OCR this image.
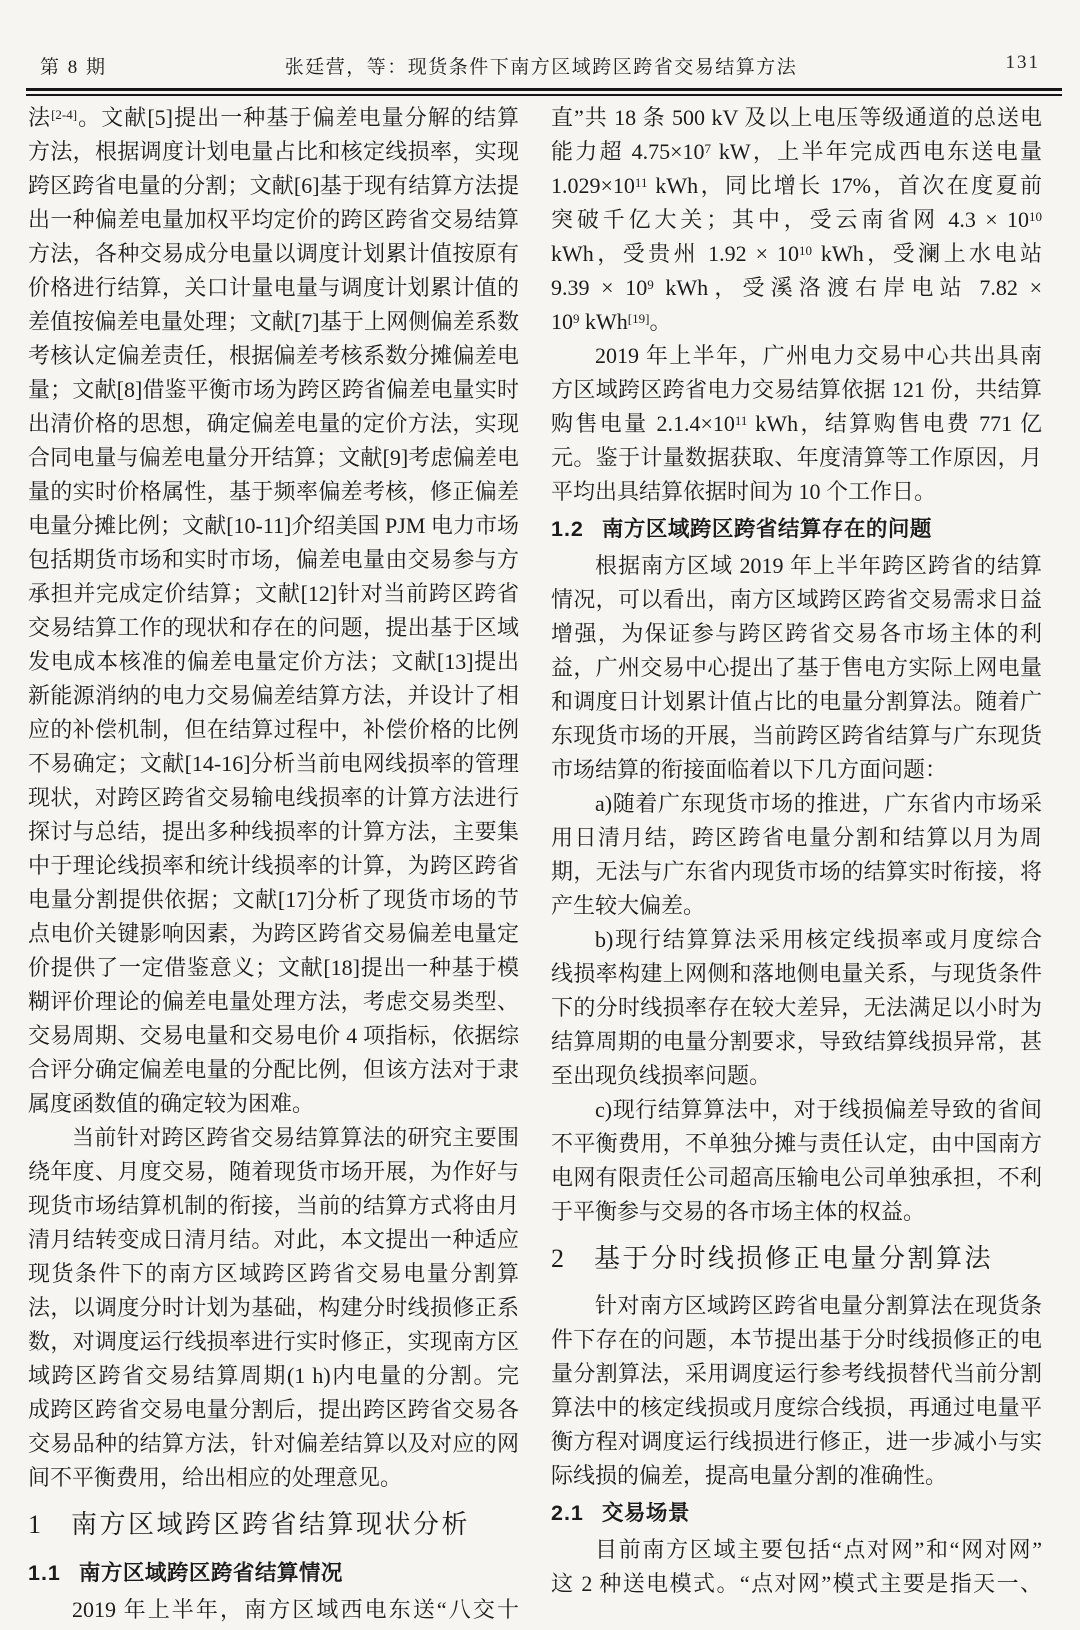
第 8 期	张廷营，等：现货条件下南方区域跨区跨省交易结算方法	131
法[2-4]。文献[5]提出一种基于偏差电量分解的结算
方法，根据调度计划电量占比和核定线损率，实现
跨区跨省电量的分割；文献[6]基于现有结算方法提
出一种偏差电量加权平均定价的跨区跨省交易结算
方法，各种交易成分电量以调度计划累计值按原有
价格进行结算，关口计量电量与调度计划累计值的
差值按偏差电量处理；文献[7]基于上网侧偏差系数
考核认定偏差责任，根据偏差考核系数分摊偏差电
量；文献[8]借鉴平衡市场为跨区跨省偏差电量实时
出清价格的思想，确定偏差电量的定价方法，实现
合同电量与偏差电量分开结算；文献[9]考虑偏差电
量的实时价格属性，基于频率偏差考核，修正偏差
电量分摊比例；文献[10-11]介绍美国 PJM 电力市场
包括期货市场和实时市场，偏差电量由交易参与方
承担并完成定价结算；文献[12]针对当前跨区跨省
交易结算工作的现状和存在的问题，提出基于区域
发电成本核准的偏差电量定价方法；文献[13]提出
新能源消纳的电力交易偏差结算方法，并设计了相
应的补偿机制，但在结算过程中，补偿价格的比例
不易确定；文献[14-16]分析当前电网线损率的管理
现状，对跨区跨省交易输电线损率的计算方法进行
探讨与总结，提出多种线损率的计算方法，主要集
中于理论线损率和统计线损率的计算，为跨区跨省
电量分割提供依据；文献[17]分析了现货市场的节
点电价关键影响因素，为跨区跨省交易偏差电量定
价提供了一定借鉴意义；文献[18]提出一种基于模
糊评价理论的偏差电量处理方法，考虑交易类型、
交易周期、交易电量和交易电价 4 项指标，依据综
合评分确定偏差电量的分配比例，但该方法对于隶
属度函数值的确定较为困难。
当前针对跨区跨省交易结算算法的研究主要围
绕年度、月度交易，随着现货市场开展，为作好与
现货市场结算机制的衔接，当前的结算方式将由月
清月结转变成日清月结。对此，本文提出一种适应
现货条件下的南方区域跨区跨省交易电量分割算
法，以调度分时计划为基础，构建分时线损修正系
数，对调度运行线损率进行实时修正，实现南方区
域跨区跨省交易结算周期(1 h)内电量的分割。完
成跨区跨省交易电量分割后，提出跨区跨省交易各
交易品种的结算方法，针对偏差结算以及对应的网
间不平衡费用，给出相应的处理意见。
1 南方区域跨区跨省结算现状分析
1.1 南方区域跨区跨省结算情况
2019 年上半年，南方区域西电东送“八交十
直”共 18 条 500 kV 及以上电压等级通道的总送电
能力超 $4.75\times 10^7$ kW，上半年完成西电东送电量
$1.029\times 10^{11}$ kWh，同比增长 17%，首次在度夏前
突破千亿大关；其中，受云南省网 $4.3 \times 10^{10}$
kWh，受贵州 $1.92 \times 10^{10}$ kWh，受澜上水电站
$9.39 \times 10^9$ kWh，受溪洛渡右岸电站 7.82 ×
$10^9$ kWh[19]。
2019 年上半年，广州电力交易中心共出具南
方区域跨区跨省电力交易结算依据 121 份，共结算
购售电量 $2.1.4\times 10^{11}$ kWh，结算购售电费 771 亿
元。鉴于计量数据获取、年度清算等工作原因，月
平均出具结算依据时间为 10 个工作日。
1.2 南方区域跨区跨省结算存在的问题
根据南方区域 2019 年上半年跨区跨省的结算
情况，可以看出，南方区域跨区跨省交易需求日益
增强，为保证参与跨区跨省交易各市场主体的利
益，广州交易中心提出了基于售电方实际上网电量
和调度日计划累计值占比的电量分割算法。随着广
东现货市场的开展，当前跨区跨省结算与广东现货
市场结算的衔接面临着以下几方面问题：
a)随着广东现货市场的推进，广东省内市场采
用日清月结，跨区跨省电量分割和结算以月为周
期，无法与广东省内现货市场的结算实时衔接，将
产生较大偏差。
b)现行结算算法采用核定线损率或月度综合
线损率构建上网侧和落地侧电量关系，与现货条件
下的分时线损率存在较大差异，无法满足以小时为
结算周期的电量分割要求，导致结算线损异常，甚
至出现负线损率问题。
c)现行结算算法中，对于线损偏差导致的省间
不平衡费用，不单独分摊与责任认定，由中国南方
电网有限责任公司超高压输电公司单独承担，不利
于平衡参与交易的各市场主体的权益。
2 基于分时线损修正电量分割算法
针对南方区域跨区跨省电量分割算法在现货条
件下存在的问题，本节提出基于分时线损修正的电
量分割算法，采用调度运行参考线损替代当前分割
算法中的核定线损或月度综合线损，再通过电量平
衡方程对调度运行线损进行修正，进一步减小与实
际线损的偏差，提高电量分割的准确性。
2.1 交易场景
目前南方区域主要包括“点对网”和“网对网”
这 2 种送电模式。“点对网”模式主要是指天一、
